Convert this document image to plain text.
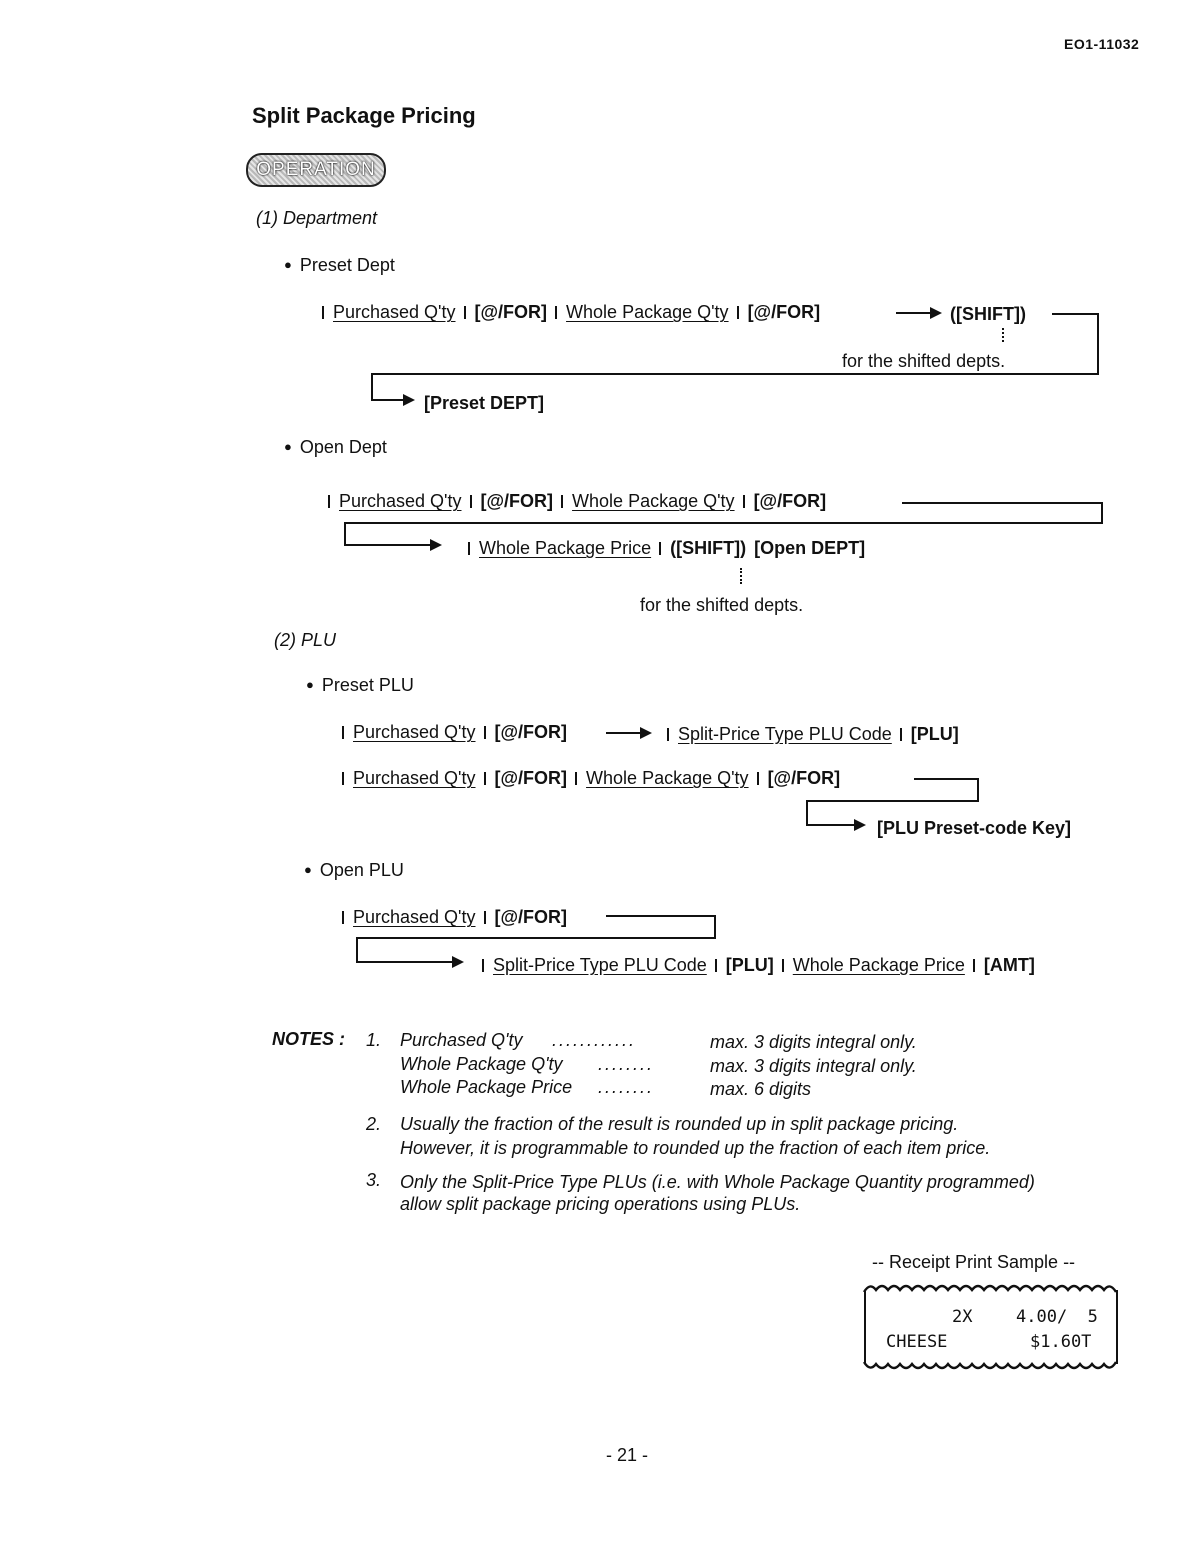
EO1-11032
Split Package Pricing
OPERATION
(1) Department
● Preset Dept
Purchased Q'ty [@/FOR] Whole Package Q'ty [@/FOR]	([SHIFT])
for the shifted depts.
[Preset DEPT]
● Open Dept
Purchased Q'ty [@/FOR] Whole Package Q'ty [@/FOR]
Whole Package Price ([SHIFT]) [Open DEPT]
for the shifted depts.
(2) PLU
● Preset PLU
Purchased Q'ty [@/FOR]	Split-Price Type PLU Code [PLU]
Purchased Q'ty [@/FOR] Whole Package Q'ty [@/FOR]
[PLU Preset-code Key]
● Open PLU
Purchased Q'ty [@/FOR]
Split-Price Type PLU Code [PLU] Whole Package Price [AMT]
NOTES : 1. Purchased Q'ty ............	max. 3 digits integral only.
Whole Package Q'ty ........	max. 3 digits integral only.
Whole Package Price ........	max. 6 digits
2. Usually the fraction of the result is rounded up in split package pricing.
However, it is programmable to rounded up the fraction of each item price.
3. Only the Split-Price Type PLUs (i.e. with Whole Package Quantity programmed)
allow split package pricing operations using PLUs.
-- Receipt Print Sample --
2X	4.00/  5
CHEESE	$1.60T
- 21 -
